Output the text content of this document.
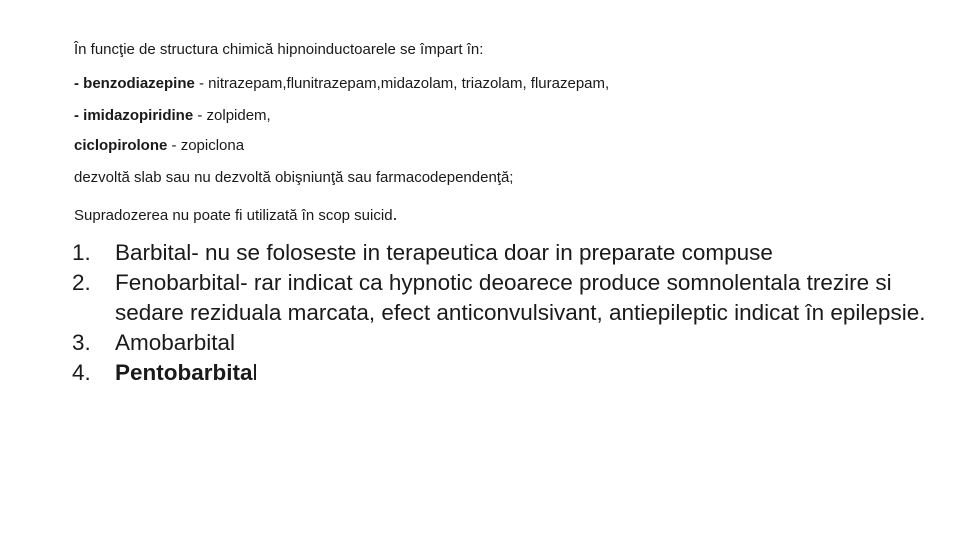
În funcţie de structura chimică hipnoinductoarele se împart în:
- benzodiazepine - nitrazepam,flunitrazepam,midazolam, triazolam, flurazepam,
- imidazopiridine - zolpidem,
ciclopirolone - zopiclona
dezvoltă slab sau nu dezvoltă obişniunţă sau farmacodependenţă;
Supradozerea nu poate fi utilizată în scop suicid.
1. Barbital- nu se foloseste in terapeutica doar in preparate compuse
2. Fenobarbital- rar indicat ca hypnotic deoarece produce somnolentala trezire si sedare reziduala marcata, efect anticonvulsivant, antiepileptic indicat în epilepsie.
3. Amobarbital
4. Pentobarbital
